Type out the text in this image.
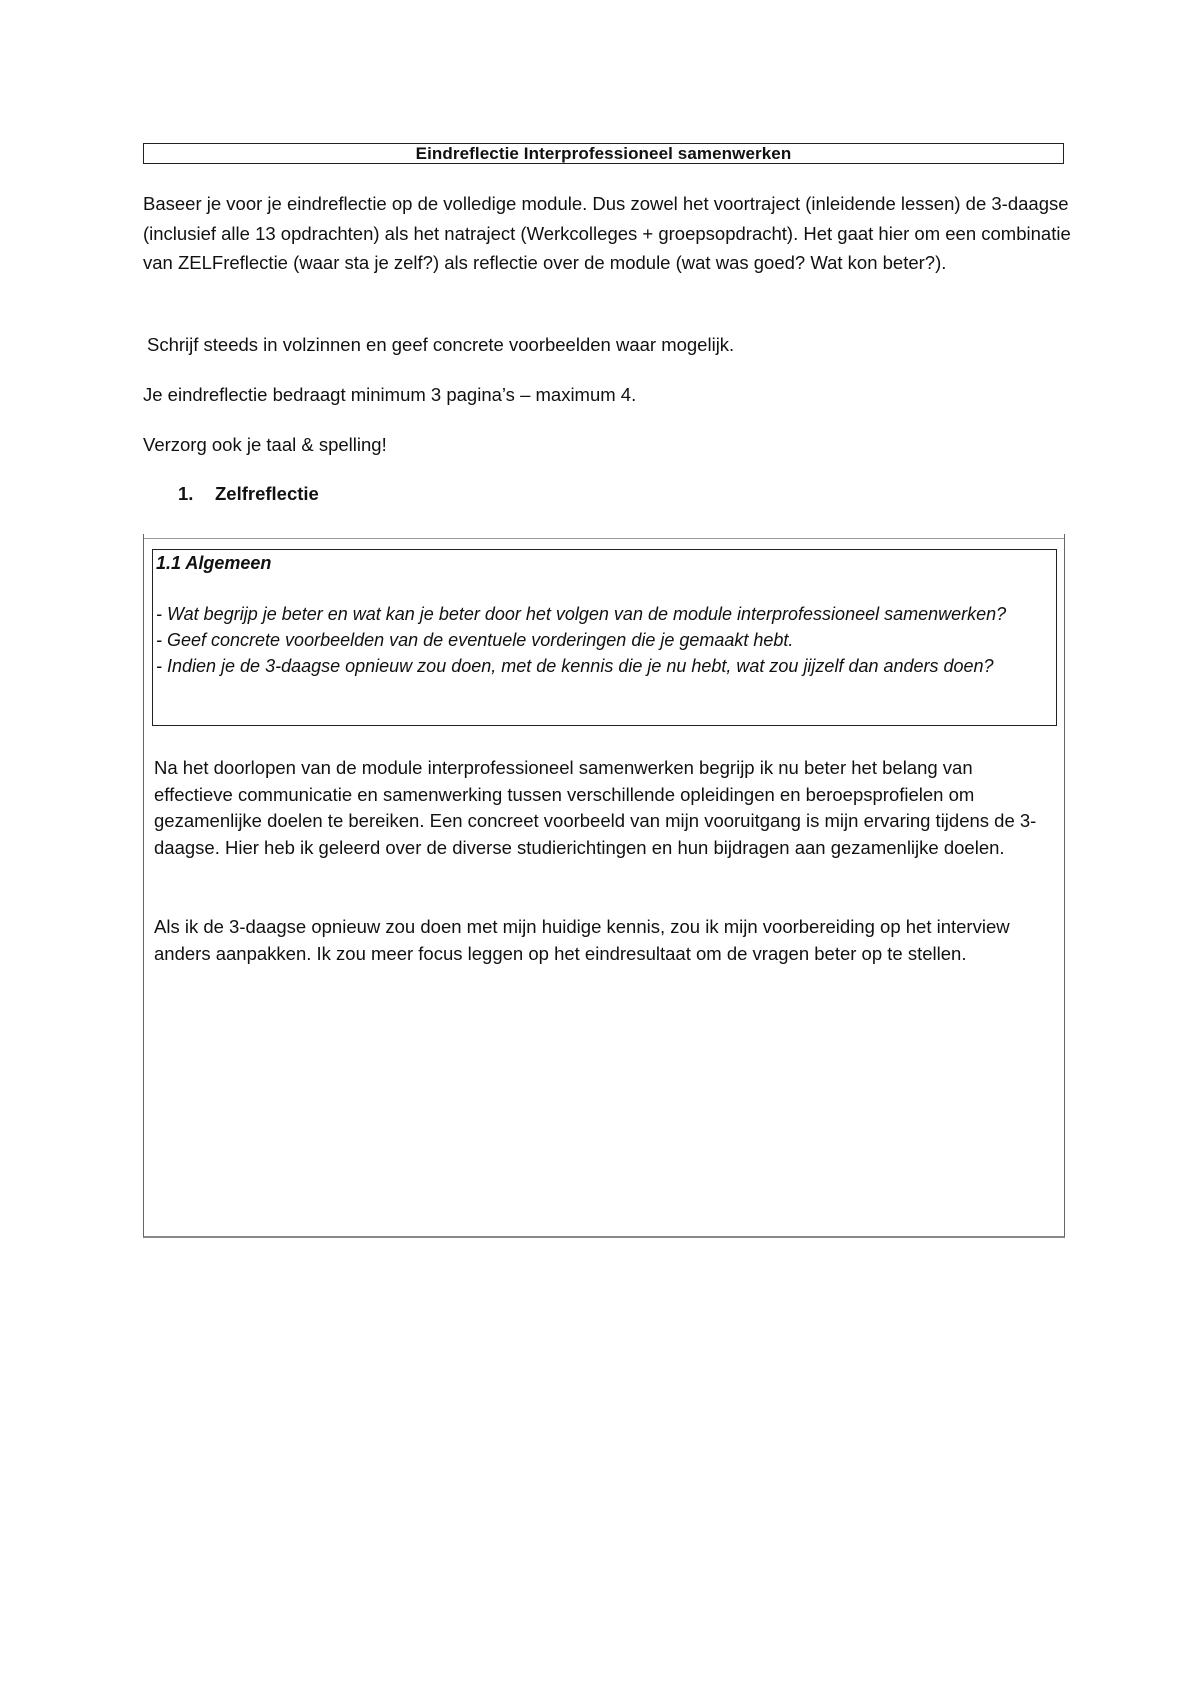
Eindreflectie Interprofessioneel samenwerken

Baseer je voor je eindreflectie op de volledige module. Dus zowel het voortraject (inleidende lessen) de 3-daagse (inclusief alle 13 opdrachten) als het natraject (Werkcolleges + groepsopdracht). Het gaat hier om een combinatie van ZELFreflectie (waar sta je zelf?) als reflectie over de module (wat was goed? Wat kon beter?).

Schrijf steeds in volzinnen en geef concrete voorbeelden waar mogelijk.

Je eindreflectie bedraagt minimum 3 pagina’s – maximum 4.

Verzorg ook je taal & spelling!

1.	Zelfreflectie

1.1 Algemeen

- Wat begrijp je beter en wat kan je beter door het volgen van de module interprofessioneel samenwerken?
- Geef concrete voorbeelden van de eventuele vorderingen die je gemaakt hebt.
- Indien je de 3-daagse opnieuw zou doen, met de kennis die je nu hebt, wat zou jijzelf dan anders doen?

Na het doorlopen van de module interprofessioneel samenwerken begrijp ik nu beter het belang van effectieve communicatie en samenwerking tussen verschillende opleidingen en beroepsprofielen om gezamenlijke doelen te bereiken. Een concreet voorbeeld van mijn vooruitgang is mijn ervaring tijdens de 3-daagse. Hier heb ik geleerd over de diverse studierichtingen en hun bijdragen aan gezamenlijke doelen.

Als ik de 3-daagse opnieuw zou doen met mijn huidige kennis, zou ik mijn voorbereiding op het interview anders aanpakken. Ik zou meer focus leggen op het eindresultaat om de vragen beter op te stellen.
